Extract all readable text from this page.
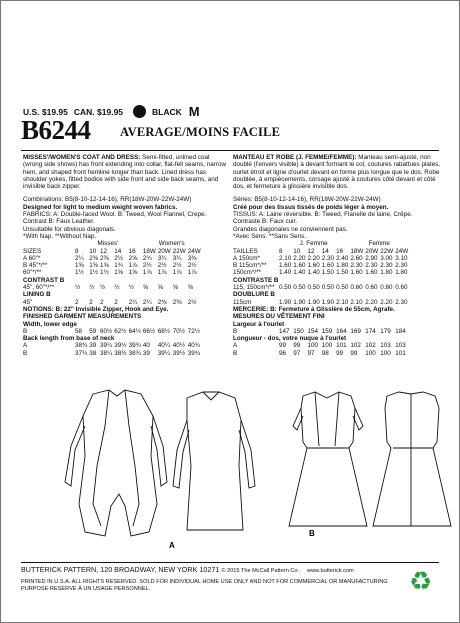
U.S. $19.95 CAN. $19.95	BLACK M
B6244 AVERAGE/MOINS FACILE

MISSES'/WOMEN'S COAT AND DRESS: Semi-fitted, unlined coat (wrong side shows) has front extending into collar, flat-fell seams, narrow hem, and shaped front hemline longer than back. Lined dress has shoulder yokes, fitted bodice with side front and side back seams, and invisible back zipper.

Combinations: B5(8-10-12-14-16), RR(18W-20W-22W-24W)

Designed for light to medium weight woven fabrics.

FABRICS: A: Double-faced Wool. B: Tweed, Wool Flannel, Crepe. Contrast B: Faux Leather.

Unsuitable for obvious diagonals.

*With Nap. **Without Nap.

	Misses'					Women's			
SIZES	8	10	12	14	16	18W	20W	22W	24W
A 60"*	2¼	2⅜	2⅜	2½	2⅝	2¾	3¼	3¼	3⅜
B 45"*/**	1⅝	1⅝	1⅝	1¾	1⅞	2½	2½	2½	2½
60"*/**	1½	1½	1½	1⅝	1⅝	1⅞	1⅞	1⅞	1⅞
CONTRAST B									
45", 60"*/**	½	½	½	½	½	⅝	⅝	⅝	⅝
LINING B									
45"	2	2	2	2	2¼	2¼	2⅜	2⅜	2½
NOTIONS: B: 22" Invisible Zipper, Hook and Eye.									
FINISHED GARMENT MEASUREMENTS									
Width, lower edge									
B	58	59	60½	62½	64½	66½	68½	70½	72½
Back length from base of neck									
A	38¾	39	39¼	39½	39¾	40	40¼	40½	40¾
B	37¾	38	38¼	38½	38¾	39	39¼	39½	39¾

MANTEAU ET ROBE (J. FEMME/FEMME): Manteau semi-ajusté, non doublé (l'envers visible) à devant formant le col, coutures rabattues plates, ourlet étroit et ligne d'ourlet devant en forme plus longue que le dos. Robe doublée, à empiècements, corsage ajusté à coutures côté devant et côté dos, et fermeture à glissière invisible dos.

Séries: B5(8-10-12-14-16), RR(18W-20W-22W-24W)

Créé pour des tissus tissés de poids léger à moyen.

TISSUS: A: Laine réversible. B: Tweed, Flanelle de laine, Crêpe. Contraste B: Faux cuir.

Grandes diagonales ne conviennent pas.

*Avec Sens. **Sans Sens.

	J. Femme					Femme			
TAILLES	8	10	12	14	16	18W	20W	22W	24W
A 150cm*	2.10	2.20	2.20	2.30	2.40	2.60	2.90	3.00	3.10
B 115cm*/**	1.60	1.60	1.60	1.60	1.80	2.30	2.30	2.30	2.30
150cm*/**	1.40	1.40	1.40	1.50	1.50	1.60	1.60	1.80	1.80
CONTRASTE B									
115, 150cm*/**	0.50	0.50	0.50	0.50	0.50	0.60	0.60	0.60	0.60
DOUBLURE B									
115cm	1.90	1.90	1.90	1.90	2.10	2.10	2.20	2.20	2.30
MERCERIE: B: Fermeture à Glissière de 55cm, Agrafe.									
MESURES DU VÊTEMENT FINI									
Largeur à l'ourlet									
B	147	150	154	159	164	169	174	179	184
Longueur - dos, votre nuque à l'ourlet									
A	99	99	100	100	101	102	102	103	103
B	96	97	97	98	99	99	100	100	101
A
B
BUTTERICK PATTERN, 120 BROADWAY, NEW YORK 10271 © 2015 The McCall Pattern Co. www.butterick.com
PRINTED IN U.S.A. ALL RIGHTS RESERVED. SOLD FOR INDIVIDUAL HOME USE ONLY AND NOT FOR COMMERCIAL OR MANUFACTURING PURPOSE RESERVE À UN USAGE PERSONNEL.	♻
